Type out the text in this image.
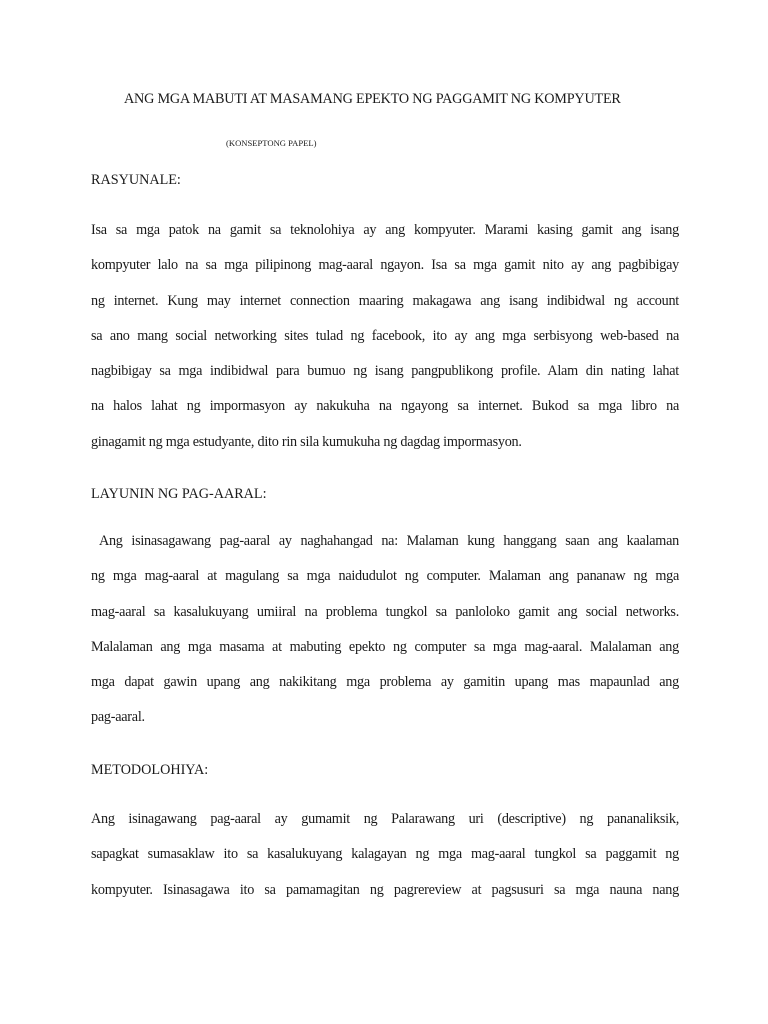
ANG MGA MABUTI AT MASAMANG EPEKTO NG PAGGAMIT NG KOMPYUTER
(KONSEPTONG PAPEL)
RASYUNALE:
Isa sa mga patok na gamit sa teknolohiya ay ang kompyuter. Marami kasing gamit ang isang
kompyuter lalo na sa mga pilipinong mag-aaral ngayon. Isa sa mga gamit nito ay ang pagbibigay
ng internet. Kung may internet connection maaring makagawa ang isang indibidwal ng account
sa ano mang social networking sites tulad ng facebook, ito ay ang mga serbisyong web-based na
nagbibigay sa mga indibidwal para bumuo ng isang pangpublikong profile. Alam din nating lahat
na halos lahat ng impormasyon ay nakukuha na ngayong sa internet. Bukod sa mga libro na
ginagamit ng mga estudyante, dito rin sila kumukuha ng dagdag impormasyon.
LAYUNIN NG PAG-AARAL:
Ang isinasagawang pag-aaral ay naghahangad na: Malaman kung hanggang saan ang kaalaman
ng mga mag-aaral at magulang sa mga naidudulot ng computer. Malaman ang pananaw ng mga
mag-aaral sa kasalukuyang umiiral na problema tungkol sa panloloko gamit ang social networks.
Malalaman ang mga masama at mabuting epekto ng computer sa mga mag-aaral. Malalaman ang
mga dapat gawin upang ang nakikitang mga problema ay gamitin upang mas mapaunlad ang
pag-aaral.
METODOLOHIYA:
Ang isinagawang pag-aaral ay gumamit ng Palarawang uri (descriptive) ng pananaliksik,
sapagkat sumasaklaw ito sa kasalukuyang kalagayan ng mga mag-aaral tungkol sa paggamit ng
kompyuter. Isinasagawa ito sa pamamagitan ng pagrereview at pagsusuri sa mga nauna nang
